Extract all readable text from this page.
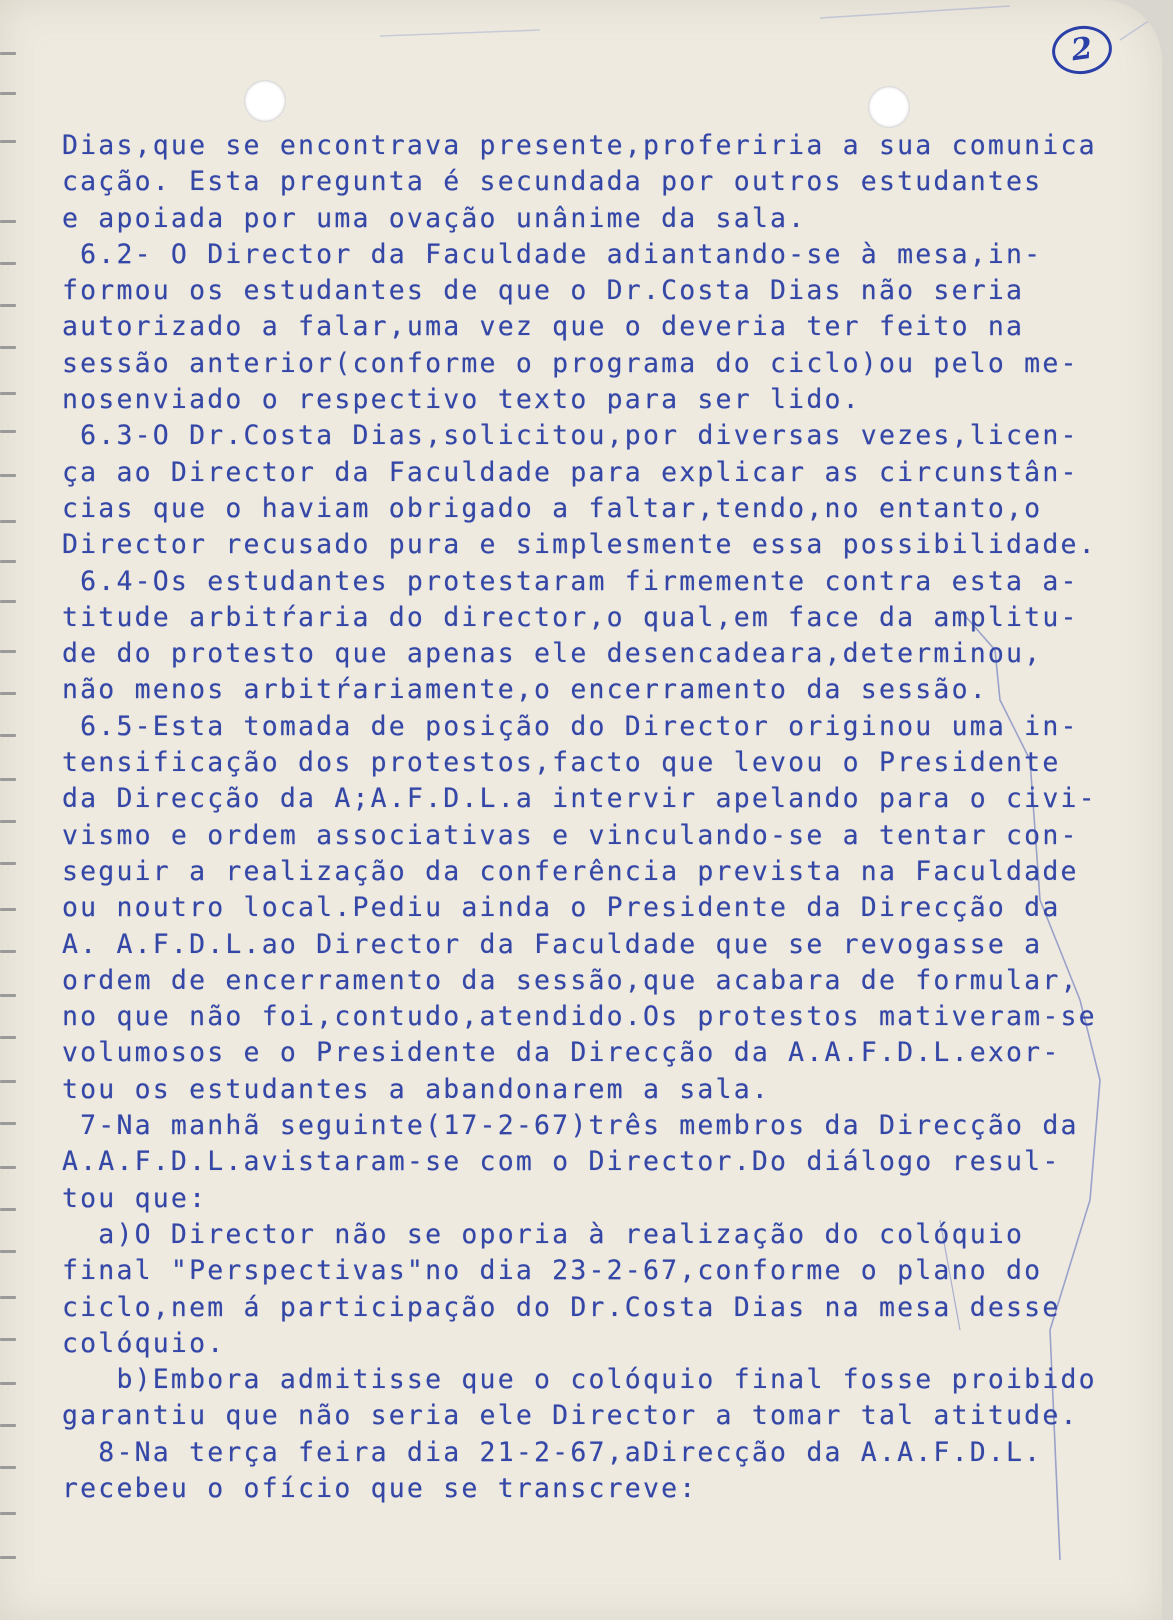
2
Dias,que se encontrava presente,proferiria a sua comunica
cação. Esta pregunta é secundada por outros estudantes
e apoiada por uma ovação unânime da sala.
6.2- O Director da Faculdade adiantando-se à mesa,in-
formou os estudantes de que o Dr.Costa Dias não seria
autorizado a falar,uma vez que o deveria ter feito na
sessão anterior(conforme o programa do ciclo)ou pelo me-
nosenviado o respectivo texto para ser lido.
6.3-O Dr.Costa Dias,solicitou,por diversas vezes,licen-
ça ao Director da Faculdade para explicar as circunstân-
cias que o haviam obrigado a faltar,tendo,no entanto,o
Director recusado pura e simplesmente essa possibilidade.
6.4-Os estudantes protestaram firmemente contra esta a-
titude arbitŕaria do director,o qual,em face da amplitu-
de do protesto que apenas ele desencadeara,determinou,
não menos arbitŕariamente,o encerramento da sessão.
6.5-Esta tomada de posição do Director originou uma in-
tensificação dos protestos,facto que levou o Presidente
da Direcção da A;A.F.D.L.a intervir apelando para o civi-
vismo e ordem associativas e vinculando-se a tentar con-
seguir a realização da conferência prevista na Faculdade
ou noutro local.Pediu ainda o Presidente da Direcção da
A. A.F.D.L.ao Director da Faculdade que se revogasse a
ordem de encerramento da sessão,que acabara de formular,
no que não foi,contudo,atendido.Os protestos mativeram-se
volumosos e o Presidente da Direcção da A.A.F.D.L.exor-
tou os estudantes a abandonarem a sala.
7-Na manhã seguinte(17-2-67)três membros da Direcção da
A.A.F.D.L.avistaram-se com o Director.Do diálogo resul-
tou que:
a)O Director não se oporia à realização do colóquio
final "Perspectivas"no dia 23-2-67,conforme o plano do
ciclo,nem á participação do Dr.Costa Dias na mesa desse
colóquio.
b)Embora admitisse que o colóquio final fosse proibido
garantiu que não seria ele Director a tomar tal atitude.
8-Na terça feira dia 21-2-67,aDirecção da A.A.F.D.L.
recebeu o ofício que se transcreve:
